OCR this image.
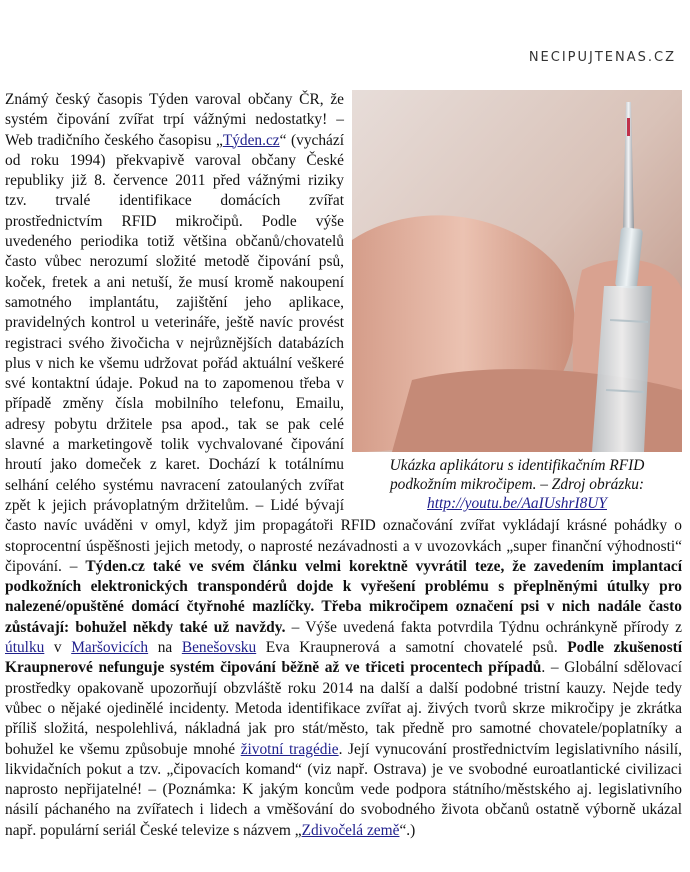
NECIPUJTENAS.CZ
Ukázka aplikátoru s identifikačním RFID
podkožním mikročipem. – Zdroj obrázku:
http://youtu.be/AaIUshrI8UY
Známý český časopis Týden varoval občany ČR, že systém čipování zvířat trpí vážnými nedostatky! – Web tradičního českého časopisu „Týden.cz“ (vychází od roku 1994) překvapivě varoval občany České republiky již 8. července 2011 před vážnými riziky tzv. trvalé identifikace domácích zvířat prostřednictvím RFID mikročipů. Podle výše uvedeného periodika totiž většina občanů/chovatelů často vůbec nerozumí složité metodě čipování psů, koček, fretek a ani netuší, že musí kromě nakoupení samotného implantátu, zajištění jeho aplikace, pravidelných kontrol u veterináře, ještě navíc provést registraci svého živočicha v nejrůznějších databázích plus v nich ke všemu udržovat pořád aktuální veškeré své kontaktní údaje. Pokud na to zapomenou třeba v případě změny čísla mobilního telefonu, Emailu, adresy pobytu držitele psa apod., tak se pak celé slavné a marketingově tolik vychvalované čipování hroutí jako domeček z karet. Dochází k totálnímu selhání celého systému navracení zatoulaných zvířat zpět k jejich právoplatným držitelům. – Lidé bývají často navíc uváděni v omyl, když jim propagátoři RFID označování zvířat vykládají krásné pohádky o stoprocentní úspěšnosti jejich metody, o naprosté nezávadnosti a v uvozovkách „super finanční výhodnosti“ čipování. – Týden.cz také ve svém článku velmi korektně vyvrátil teze, že zavedením implantací podkožních elektronických transpondérů dojde k vyřešení problému s přeplněnými útulky pro nalezené/opuštěné domácí čtyřnohé mazlíčky. Třeba mikročipem označení psi v nich nadále často zůstávají: bohužel někdy také už navždy. – Výše uvedená fakta potvrdila Týdnu ochránkyně přírody z útulku v Maršovicích na Benešovsku Eva Kraupnerová a samotní chovatelé psů. Podle zkušeností Kraupnerové nefunguje systém čipování běžně až ve třiceti procentech případů. – Globální sdělovací prostředky opakovaně upozorňují obzvláště roku 2014 na další a další podobné tristní kauzy. Nejde tedy vůbec o nějaké ojedinělé incidenty. Metoda identifikace zvířat aj. živých tvorů skrze mikročipy je zkrátka příliš složitá, nespolehlivá, nákladná jak pro stát/město, tak předně pro samotné chovatele/poplatníky a bohužel ke všemu způsobuje mnohé životní tragédie. Její vynucování prostřednictvím legislativního násilí, likvidačních pokut a tzv. „čipovacích komand“ (viz např. Ostrava) je ve svobodné euroatlantické civilizaci naprosto nepřijatelné! – (Poznámka: K jakým koncům vede podpora státního/městského aj. legislativního násilí páchaného na zvířatech i lidech a vměšování do svobodného života občanů ostatně výborně ukázal např. populární seriál České televize s názvem „Zdivočelá země“.)
